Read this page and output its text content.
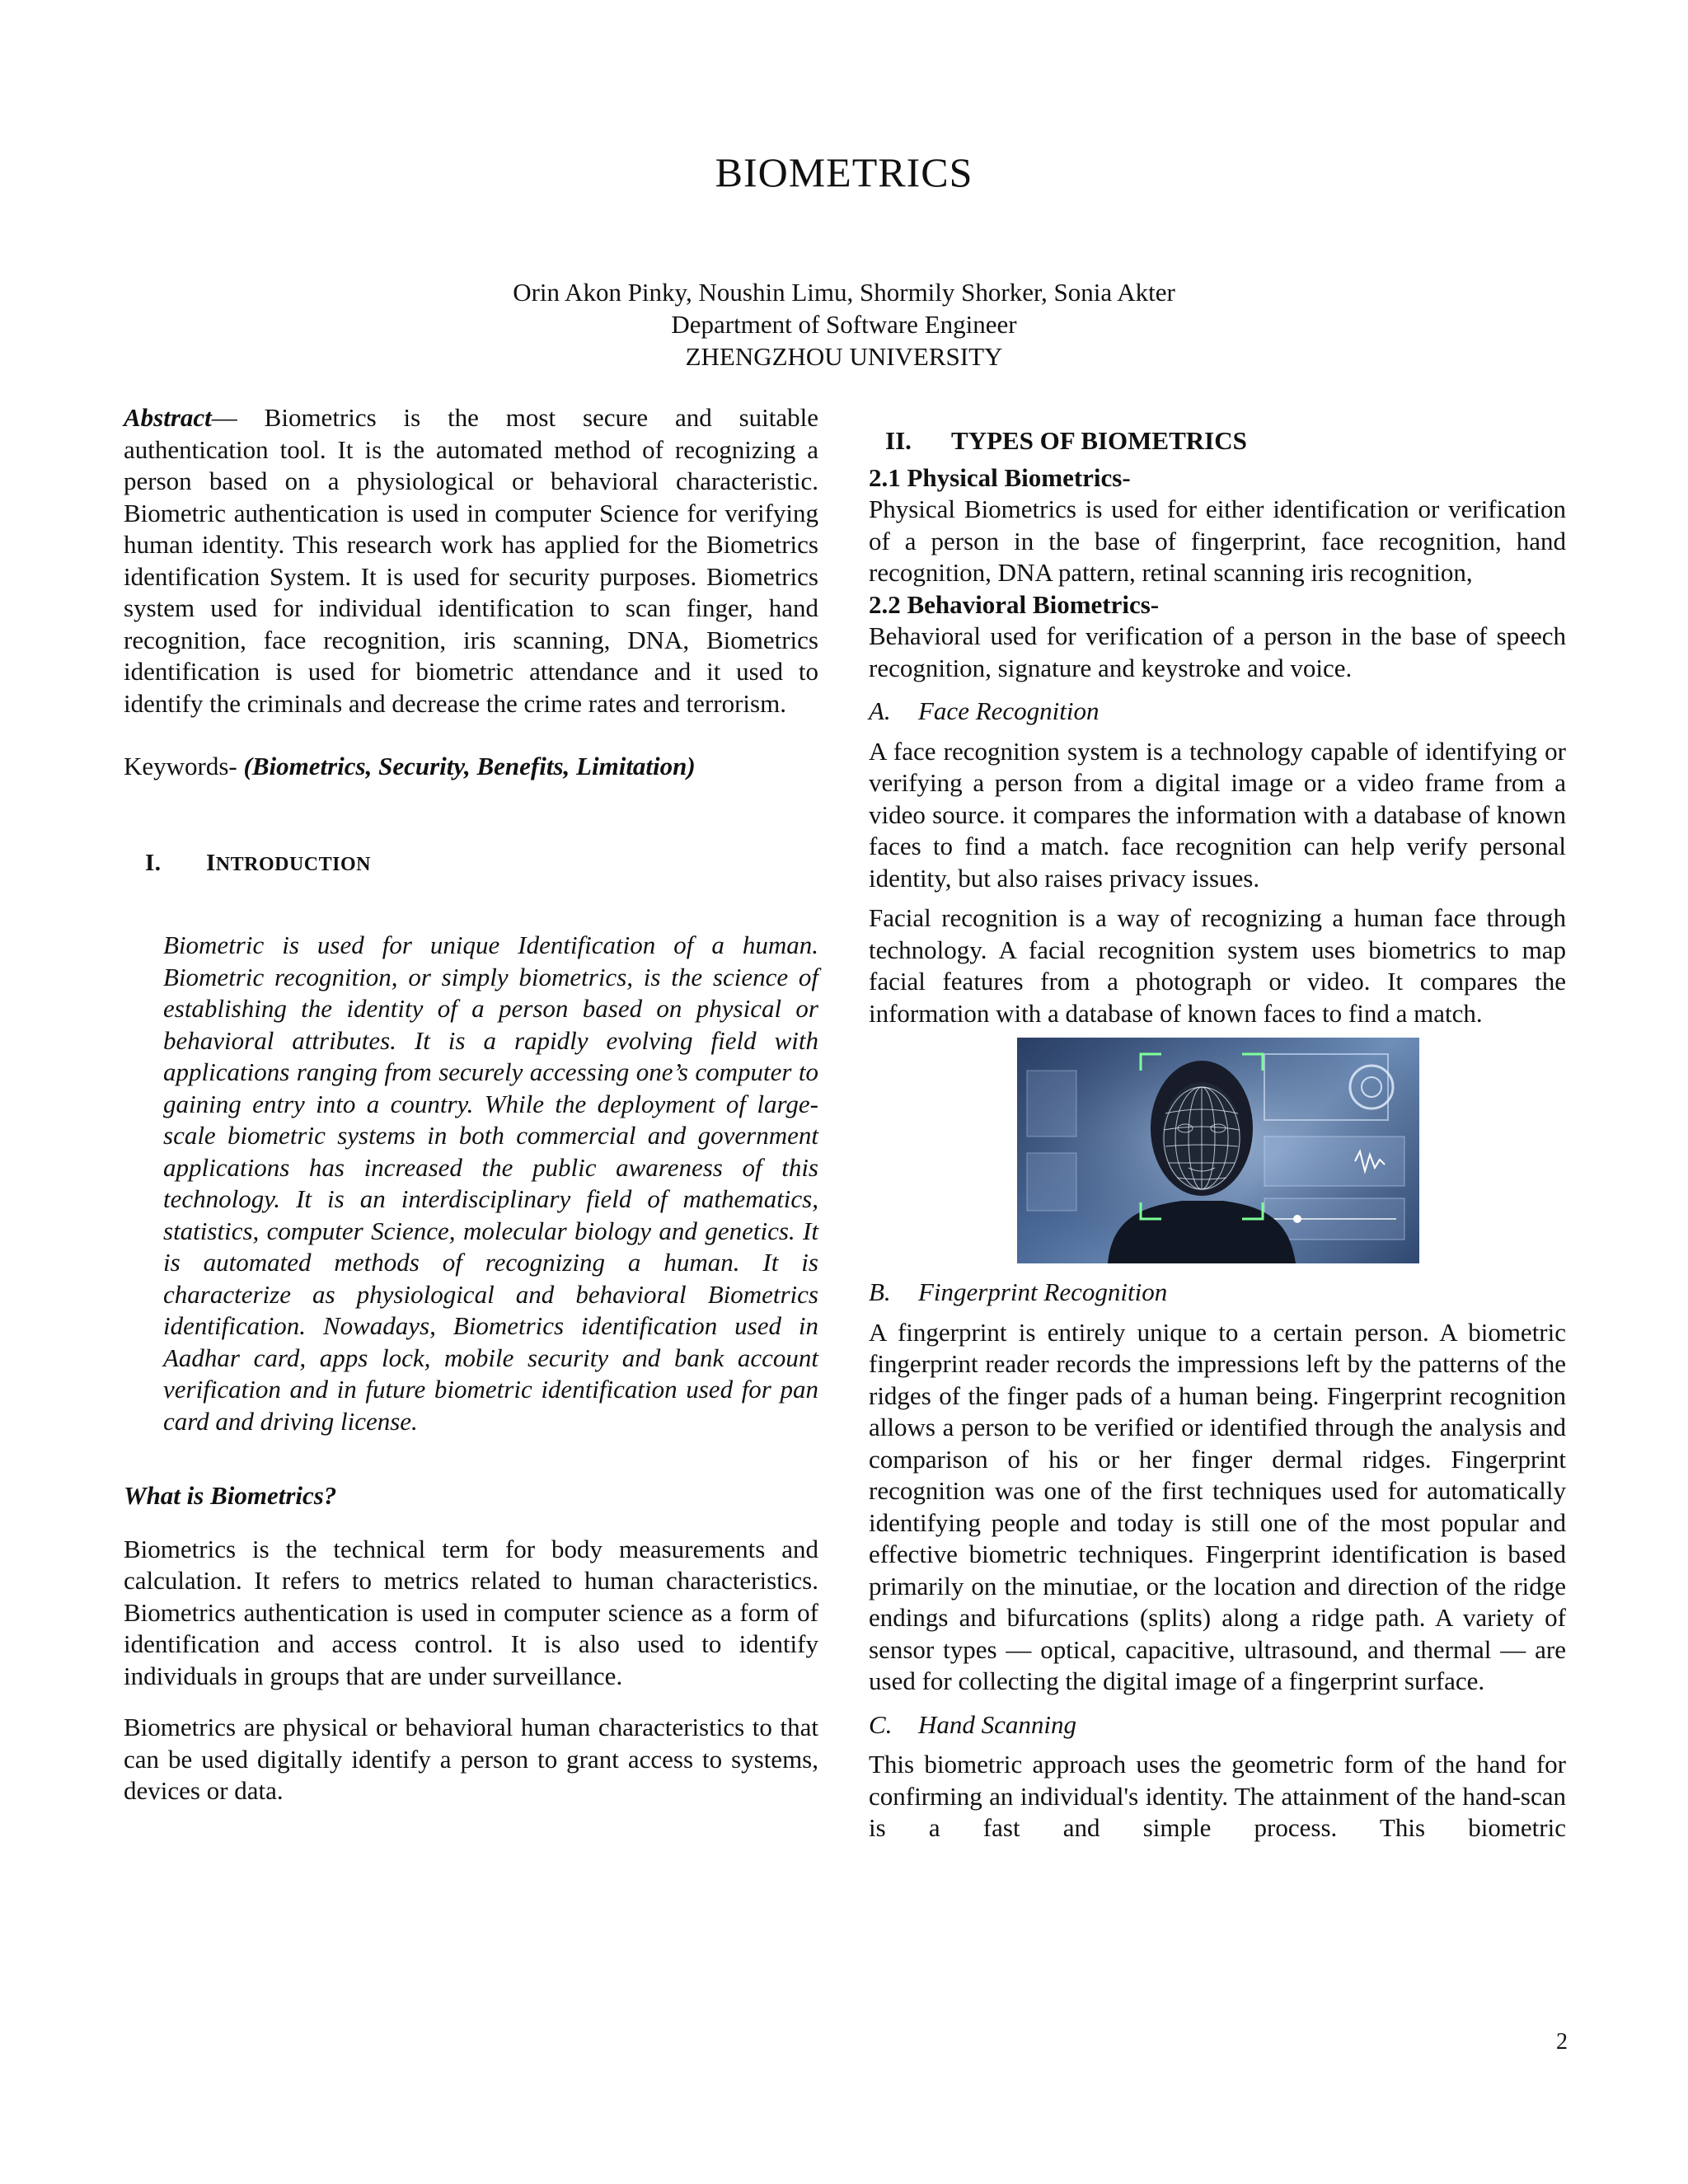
BIOMETRICS
Orin Akon Pinky, Noushin Limu, Shormily Shorker, Sonia Akter
Department of Software Engineer
ZHENGZHOU UNIVERSITY

Abstract— Biometrics is the most secure and suitable authentication tool. It is the automated method of recognizing a person based on a physiological or behavioral characteristic. Biometric authentication is used in computer Science for verifying human identity. This research work has applied for the Biometrics identification System. It is used for security purposes. Biometrics system used for individual identification to scan finger, hand recognition, face recognition, iris scanning, DNA, Biometrics identification is used for biometric attendance and it used to identify the criminals and decrease the crime rates and terrorism.

Keywords- (Biometrics, Security, Benefits, Limitation)

I. INTRODUCTION

Biometric is used for unique Identification of a human. Biometric recognition, or simply biometrics, is the science of establishing the identity of a person based on physical or behavioral attributes. It is a rapidly evolving field with applications ranging from securely accessing one’s computer to gaining entry into a country. While the deployment of large-scale biometric systems in both commercial and government applications has increased the public awareness of this technology. It is an interdisciplinary field of mathematics, statistics, computer Science, molecular biology and genetics. It is automated methods of recognizing a human. It is characterize as physiological and behavioral Biometrics identification. Nowadays, Biometrics identification used in Aadhar card, apps lock, mobile security and bank account verification and in future biometric identification used for pan card and driving license.

What is Biometrics?

Biometrics is the technical term for body measurements and calculation. It refers to metrics related to human characteristics. Biometrics authentication is used in computer science as a form of identification and access control. It is also used to identify individuals in groups that are under surveillance.

Biometrics are physical or behavioral human characteristics to that can be used digitally identify a person to grant access to systems, devices or data.

II. TYPES OF BIOMETRICS
2.1 Physical Biometrics-

Physical Biometrics is used for either identification or verification of a person in the base of fingerprint, face recognition, hand recognition, DNA pattern, retinal scanning iris recognition,

2.2 Behavioral Biometrics-

Behavioral used for verification of a person in the base of speech recognition, signature and keystroke and voice.

A. Face Recognition

A face recognition system is a technology capable of identifying or verifying a person from a digital image or a video frame from a video source. it compares the information with a database of known faces to find a match. face recognition can help verify personal identity, but also raises privacy issues.

Facial recognition is a way of recognizing a human face through technology. A facial recognition system uses biometrics to map facial features from a photograph or video. It compares the information with a database of known faces to find a match.

B. Fingerprint Recognition

A fingerprint is entirely unique to a certain person. A biometric fingerprint reader records the impressions left by the patterns of the ridges of the finger pads of a human being. Fingerprint recognition allows a person to be verified or identified through the analysis and comparison of his or her finger dermal ridges. Fingerprint recognition was one of the first techniques used for automatically identifying people and today is still one of the most popular and effective biometric techniques. Fingerprint identification is based primarily on the minutiae, or the location and direction of the ridge endings and bifurcations (splits) along a ridge path. A variety of sensor types — optical, capacitive, ultrasound, and thermal — are used for collecting the digital image of a fingerprint surface.

C. Hand Scanning

This biometric approach uses the geometric form of the hand for confirming an individual's identity. The attainment of the hand-scan is a fast and simple process. This biometric

2
